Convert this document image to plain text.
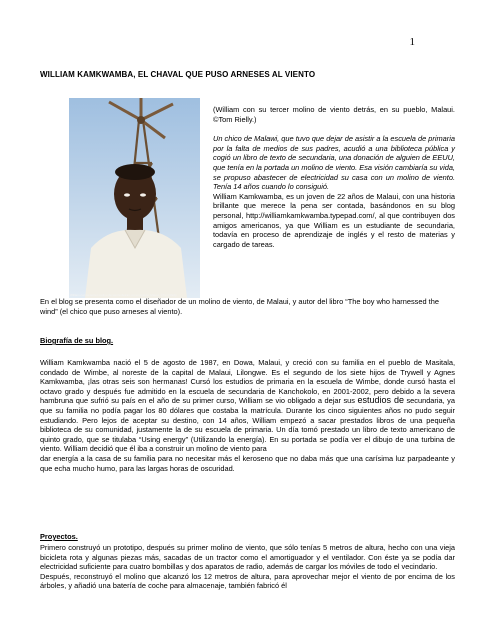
1
WILLIAM KAMKWAMBA, EL CHAVAL QUE PUSO ARNESES AL VIENTO
William con su tercer molino de viento detrás, en su pueblo, Malaui. ©Tom Rielly.

(William con su tercer molino de viento detrás, en su pueblo, Malaui. ©Tom Rielly.)

Un chico de Malawi, que tuvo que dejar de asistir a la escuela de primaria por la falta de medios de sus padres, acudió a una biblioteca pública y cogió un libro de texto de secundaria, una donación de alguien de EEUU, que tenía en la portada un molino de viento. Esa visión cambiaría su vida, se propuso abastecer de electricidad su casa con un molino de viento. Tenía 14 años cuando lo consiguió.

William Kamkwamba, es un joven de 22 años de Malaui, con una historia brillante que merece la pena ser contada, basándonos en su blog personal, http://williamkamkwamba.typepad.com/, al que contribuyen dos amigos americanos, ya que William es un estudiante de secundaria, todavía en proceso de aprendizaje de inglés y el resto de materias y cargado de tareas.

En el blog se presenta como el diseñador de un molino de viento, de Malaui, y autor del libro “The boy who harnessed the wind” (el chico que puso arneses al viento).
Biografía de su blog.

William Kamkwamba nació el 5 de agosto de 1987, en Dowa, Malaui, y creció con su familia en el pueblo de Masitala, condado de Wimbe, al noreste de la capital de Malaui, Lilongwe. Es el segundo de los siete hijos de Trywell y Agnes Kamkwamba, ¡las otras seis son hermanas! Cursó los estudios de primaria en la escuela de Wimbe, donde cursó hasta el octavo grado y después fue admitido en la escuela de secundaria de Kanchokolo, en 2001-2002, pero debido a la severa hambruna que sufrió su país en el año de su primer curso, William se vio obligado a dejar sus estudios de secundaria, ya que su familia no podía pagar los 80 dólares que costaba la matrícula. Durante los cinco siguientes años no pudo seguir estudiando. Pero lejos de aceptar su destino, con 14 años, William empezó a sacar prestados libros de una pequeña biblioteca de su comunidad, justamente la de su escuela de primaria. Un día tomó prestado un libro de texto americano de quinto grado, que se titulaba “Using energy” (Utilizando la energía). En su portada se podía ver el dibujo de una turbina de viento. William decidió que él iba a construir un molino de viento para

dar energía a la casa de su familia para no necesitar más el keroseno que no daba más que una carísima luz parpadeante y que echa mucho humo, para las largas horas de oscuridad.

Proyectos.

Primero construyó un prototipo, después su primer molino de viento, que sólo tenías 5 metros de altura, hecho con una vieja bicicleta rota y algunas piezas más, sacadas de un tractor como el amortiguador y el ventilador. Con éste ya se podía dar electricidad suficiente para cuatro bombillas y dos aparatos de radio, además de cargar los móviles de todo el vecindario.

Después, reconstruyó el molino que alcanzó los 12 metros de altura, para aprovechar mejor el viento de por encima de los árboles, y añadió una batería de coche para almacenaje, también fabricó él
